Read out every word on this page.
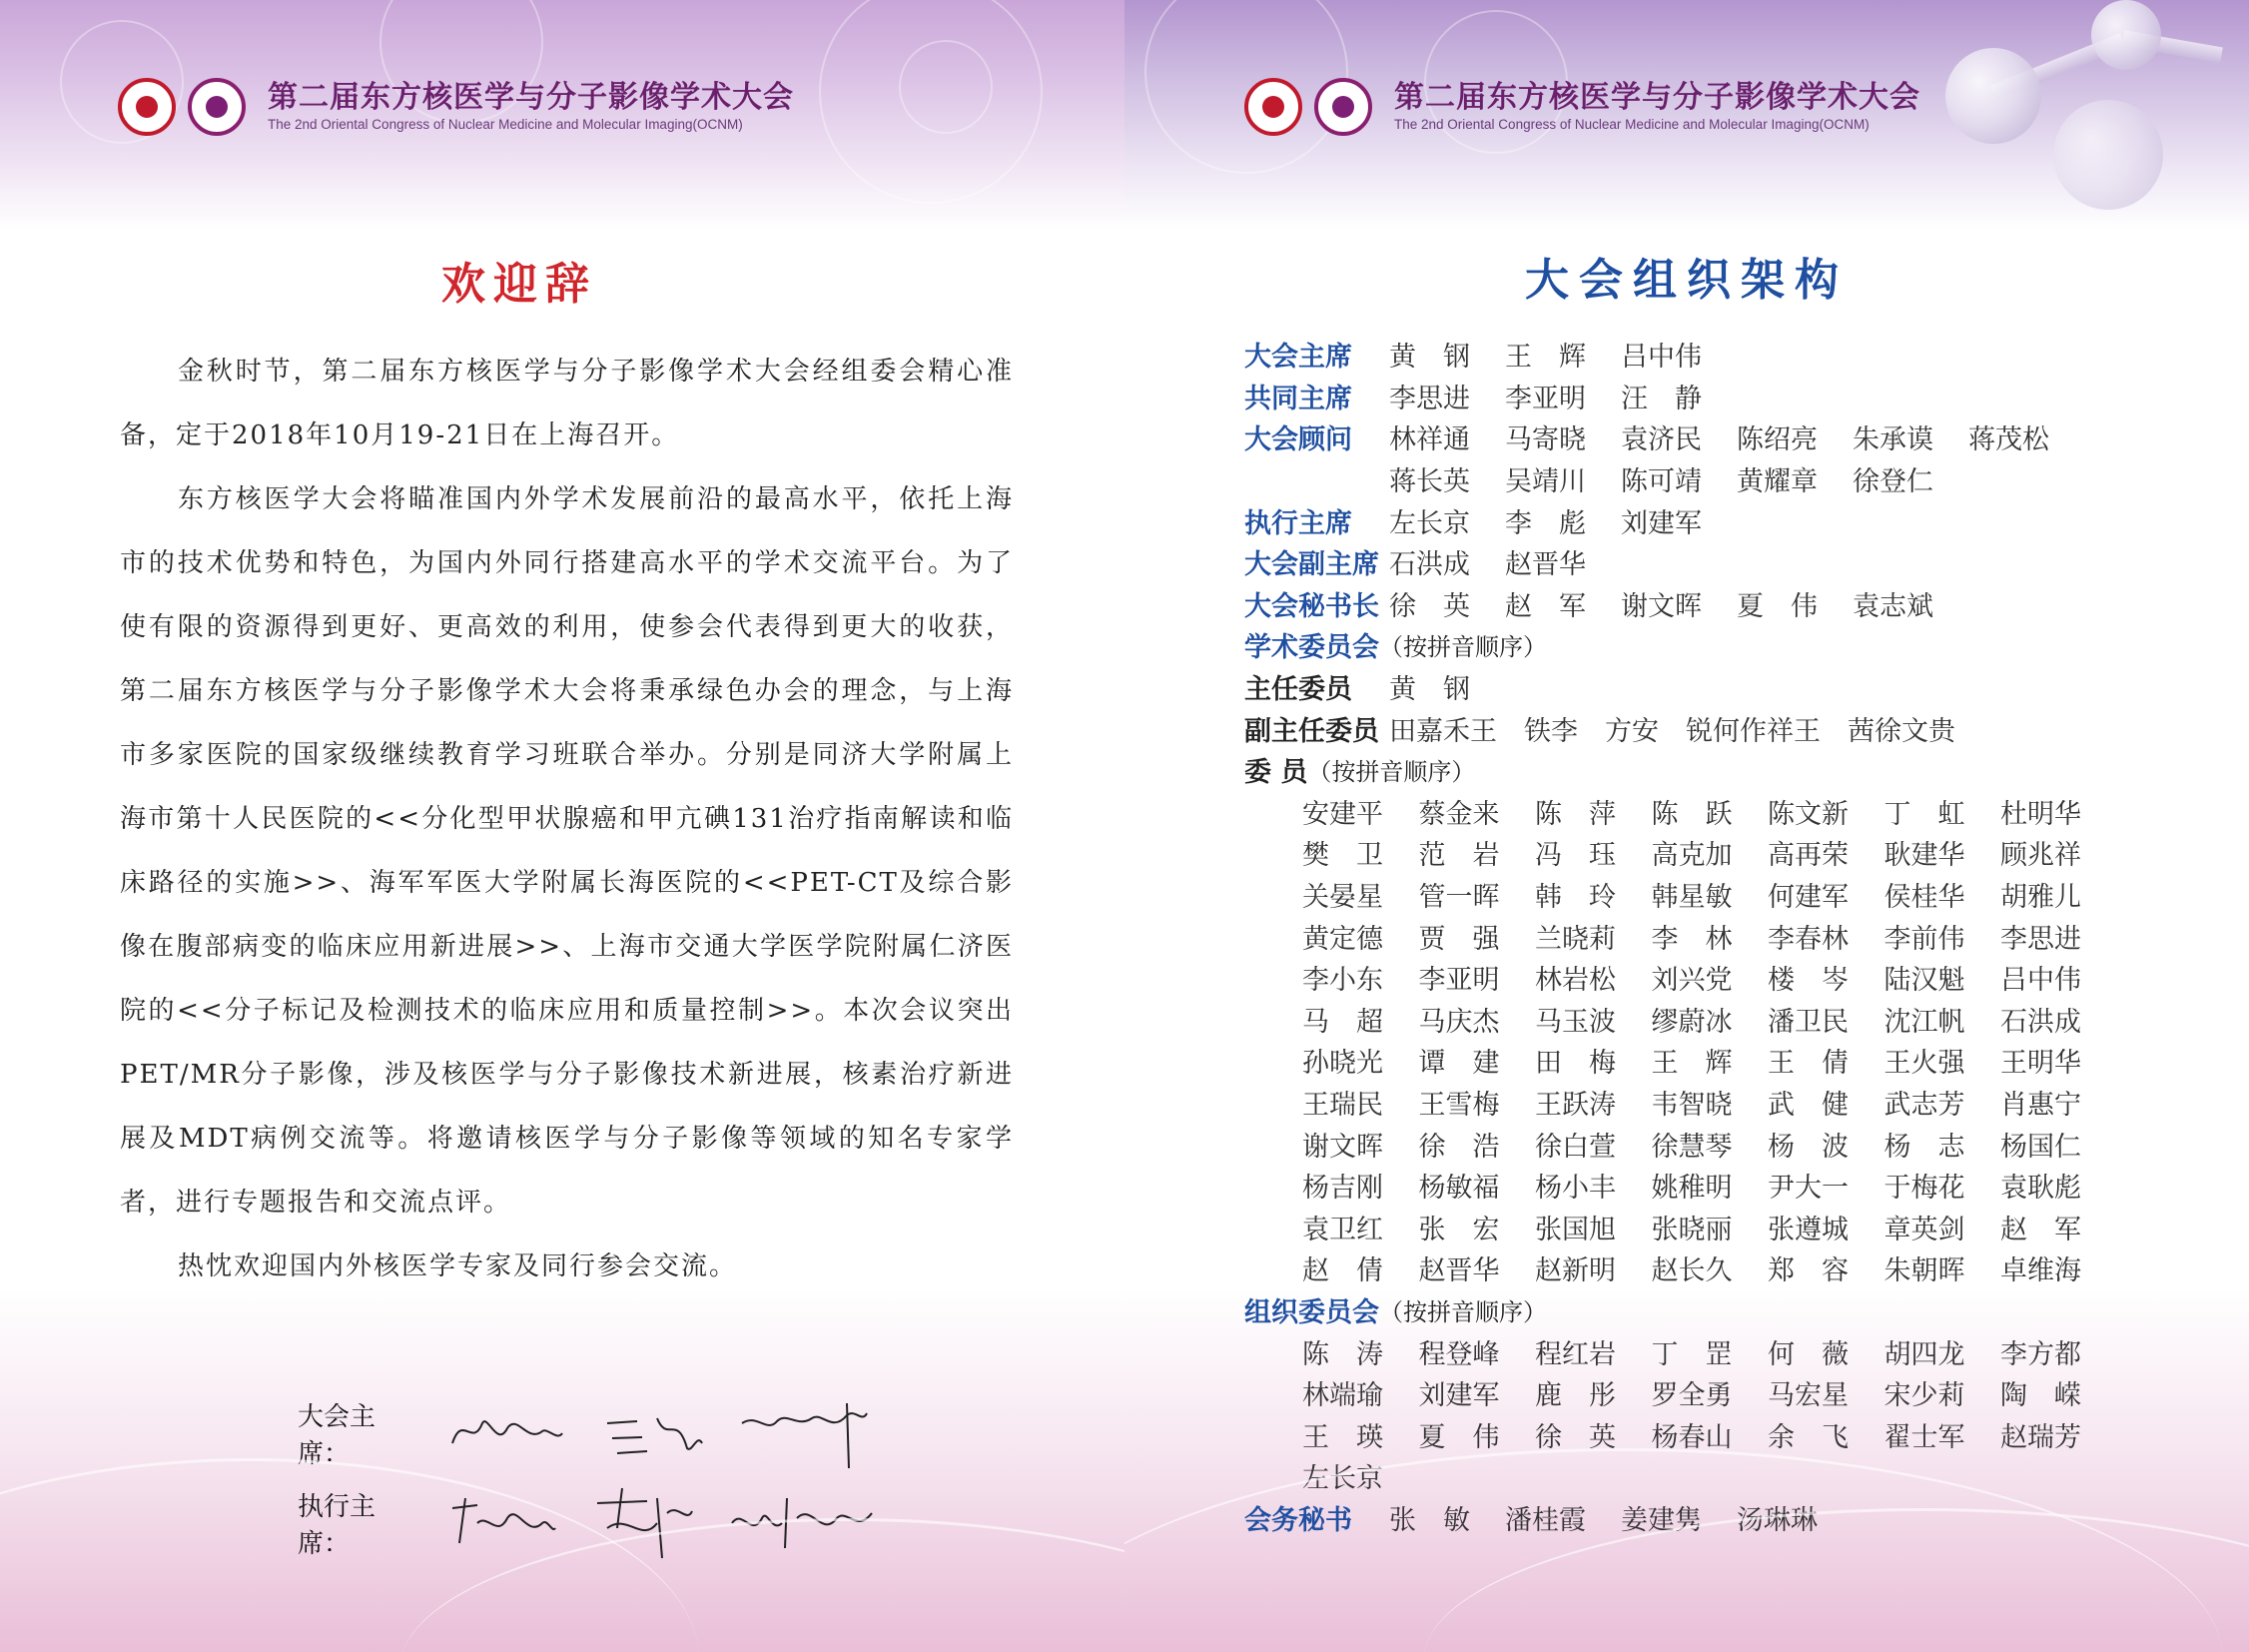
第二届东方核医学与分子影像学术大会
The 2nd Oriental Congress of Nuclear Medicine and Molecular Imaging(OCNM)
欢迎辞

金秋时节，第二届东方核医学与分子影像学术大会经组委会精心准备，定于2018年10月19-21日在上海召开。

东方核医学大会将瞄准国内外学术发展前沿的最高水平，依托上海市的技术优势和特色，为国内外同行搭建高水平的学术交流平台。为了使有限的资源得到更好、更高效的利用，使参会代表得到更大的收获，第二届东方核医学与分子影像学术大会将秉承绿色办会的理念，与上海市多家医院的国家级继续教育学习班联合举办。分别是同济大学附属上海市第十人民医院的<<分化型甲状腺癌和甲亢碘131治疗指南解读和临床路径的实施>>、海军军医大学附属长海医院的<<PET-CT及综合影像在腹部病变的临床应用新进展>>、上海市交通大学医学院附属仁济医院的<<分子标记及检测技术的临床应用和质量控制>>。本次会议突出PET/MR分子影像，涉及核医学与分子影像技术新进展，核素治疗新进展及MDT病例交流等。将邀请核医学与分子影像等领域的知名专家学者，进行专题报告和交流点评。

热忱欢迎国内外核医学专家及同行参会交流。

大会主席：
执行主席：
第二届东方核医学与分子影像学术大会
The 2nd Oriental Congress of Nuclear Medicine and Molecular Imaging(OCNM)
大会组织架构
大会主席	黄　钢	王　辉	吕中伟
共同主席	李思进	李亚明	汪　静
大会顾问	林祥通	马寄晓	袁济民	陈绍亮	朱承谟	蒋茂松
蒋长英	吴靖川	陈可靖	黄耀章	徐登仁
执行主席	左长京	李　彪	刘建军
大会副主席 石洪成	赵晋华
大会秘书长 徐　英	赵　军	谢文晖	夏　伟	袁志斌
学术委员会 （按拼音顺序）
主任委员	黄　钢
副主任委员 田嘉禾 王　铁 李　方 安　锐 何作祥 王　茜 徐文贵
委 员 （按拼音顺序）
安建平	蔡金来	陈　萍	陈　跃	陈文新	丁　虹	杜明华
樊　卫	范　岩	冯　珏	高克加	高再荣	耿建华	顾兆祥
关晏星	管一晖	韩　玲	韩星敏	何建军	侯桂华	胡雅儿
黄定德	贾　强	兰晓莉	李　林	李春林	李前伟	李思进
李小东	李亚明	林岩松	刘兴党	楼　岑	陆汉魁	吕中伟
马　超	马庆杰	马玉波	缪蔚冰	潘卫民	沈江帆	石洪成
孙晓光	谭　建	田　梅	王　辉	王　倩	王火强	王明华
王瑞民	王雪梅	王跃涛	韦智晓	武　健	武志芳	肖惠宁
谢文晖	徐　浩	徐白萱	徐慧琴	杨　波	杨　志	杨国仁
杨吉刚	杨敏福	杨小丰	姚稚明	尹大一	于梅花	袁耿彪
袁卫红	张　宏	张国旭	张晓丽	张遵城	章英剑	赵　军
赵　倩	赵晋华	赵新明	赵长久	郑　容	朱朝晖	卓维海
组织委员会 （按拼音顺序）
陈　涛	程登峰	程红岩	丁　罡	何　薇	胡四龙	李方都
林端瑜	刘建军	鹿　彤	罗全勇	马宏星	宋少莉	陶　嵘
王　瑛	夏　伟	徐　英	杨春山	余　飞	翟士军	赵瑞芳
左长京
会务秘书	张　敏	潘桂霞	姜建隽	汤琳琳
